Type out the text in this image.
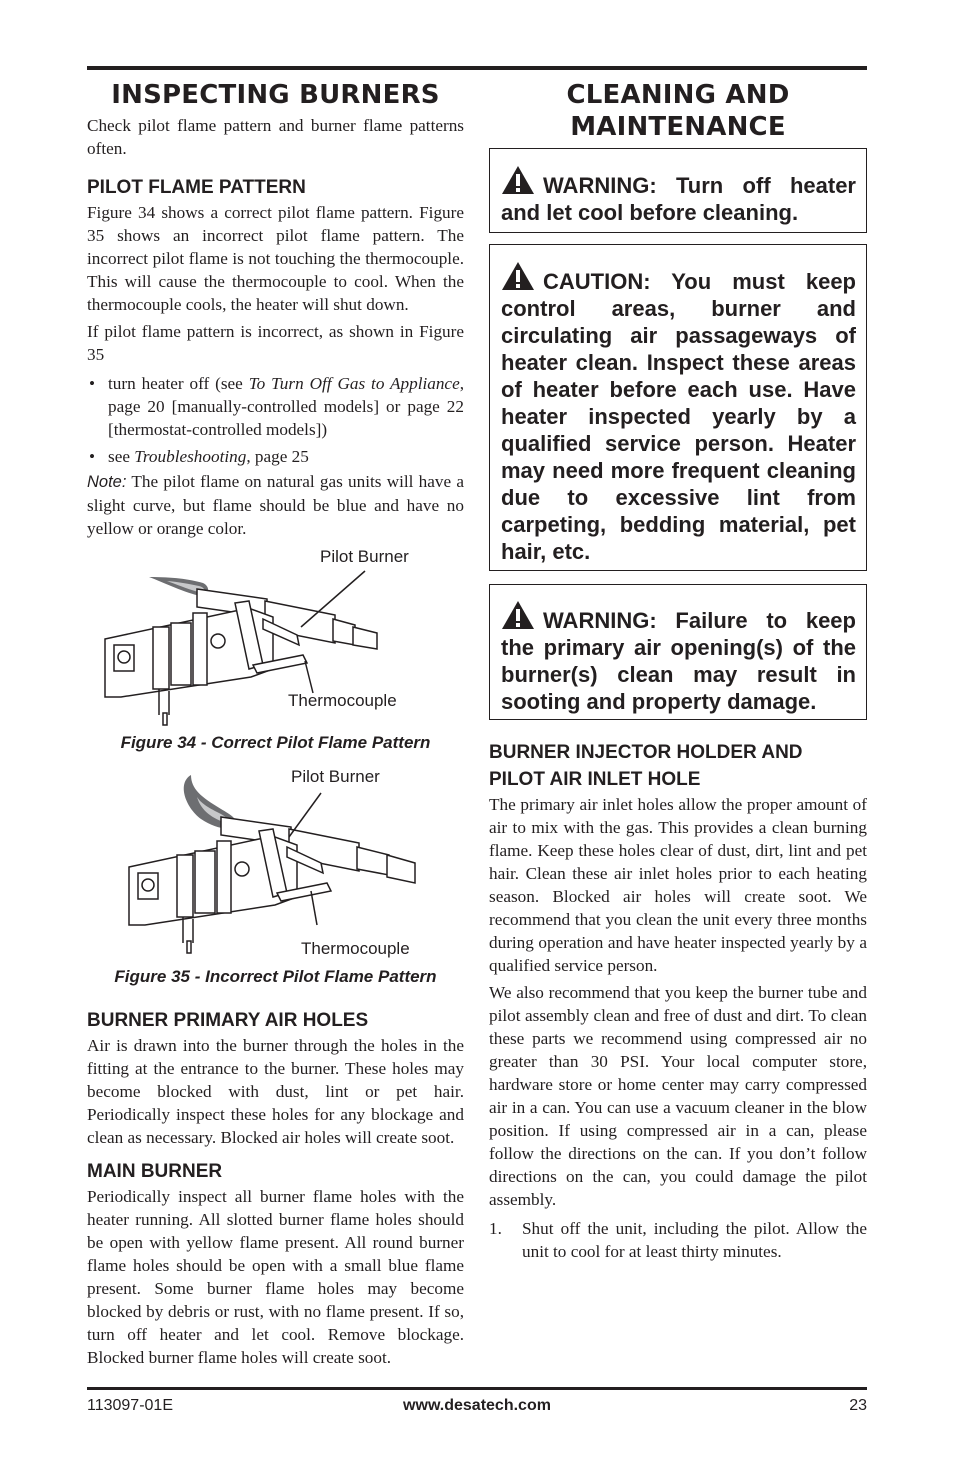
INSPECTING BURNERS

Check pilot flame pattern and burner flame patterns often.

PILOT FLAME PATTERN

Figure 34 shows a correct pilot flame pattern. Figure 35 shows an incorrect pilot flame pattern. The incorrect pilot flame is not touching the thermocouple. This will cause the thermocouple to cool. When the thermocouple cools, the heater will shut down.

If pilot flame pattern is incorrect, as shown in Figure 35

• turn heater off (see To Turn Off Gas to Appliance, page 20 [manually-controlled models] or page 22 [thermostat-controlled models])
• see Troubleshooting, page 25

Note: The pilot flame on natural gas units will have a slight curve, but flame should be blue and have no yellow or orange color.

Pilot Burner
Thermocouple
Figure 34 - Correct Pilot Flame Pattern
Pilot Burner
Thermocouple
Figure 35 - Incorrect Pilot Flame Pattern
BURNER PRIMARY AIR HOLES

Air is drawn into the burner through the holes in the fitting at the entrance to the burner. These holes may become blocked with dust, lint or pet hair. Periodically inspect these holes for any blockage and clean as necessary. Blocked air holes will create soot.

MAIN BURNER

Periodically inspect all burner flame holes with the heater running. All slotted burner flame holes should be open with yellow flame present. All round burner flame holes should be open with a small blue flame present. Some burner flame holes may become blocked by debris or rust, with no flame present. If so, turn off heater and let cool. Remove blockage. Blocked burner flame holes will create soot.

CLEANING AND
MAINTENANCE
WARNING: Turn off heater and let cool before cleaning.
CAUTION: You must keep control areas, burner and circulating air passageways of heater clean. Inspect these areas of heater before each use. Have heater inspected yearly by a qualified service person. Heater may need more frequent cleaning due to excessive lint from carpeting, bedding material, pet hair, etc.
WARNING: Failure to keep the primary air opening(s) of the burner(s) clean may result in sooting and property damage.
BURNER INJECTOR HOLDER AND
PILOT AIR INLET HOLE

The primary air inlet holes allow the proper amount of air to mix with the gas. This provides a clean burning flame. Keep these holes clear of dust, dirt, lint and pet hair. Clean these air inlet holes prior to each heating season. Blocked air holes will create soot. We recommend that you clean the unit every three months during operation and have heater inspected yearly by a qualified service person.

We also recommend that you keep the burner tube and pilot assembly clean and free of dust and dirt. To clean these parts we recommend using compressed air no greater than 30 PSI. Your local computer store, hardware store or home center may carry compressed air in a can. You can use a vacuum cleaner in the blow position. If using compressed air in a can, please follow the directions on the can. If you don’t follow directions on the can, you could damage the pilot assembly.

1. Shut off the unit, including the pilot. Allow the unit to cool for at least thirty minutes.
113097-01E	www.desatech.com	23
